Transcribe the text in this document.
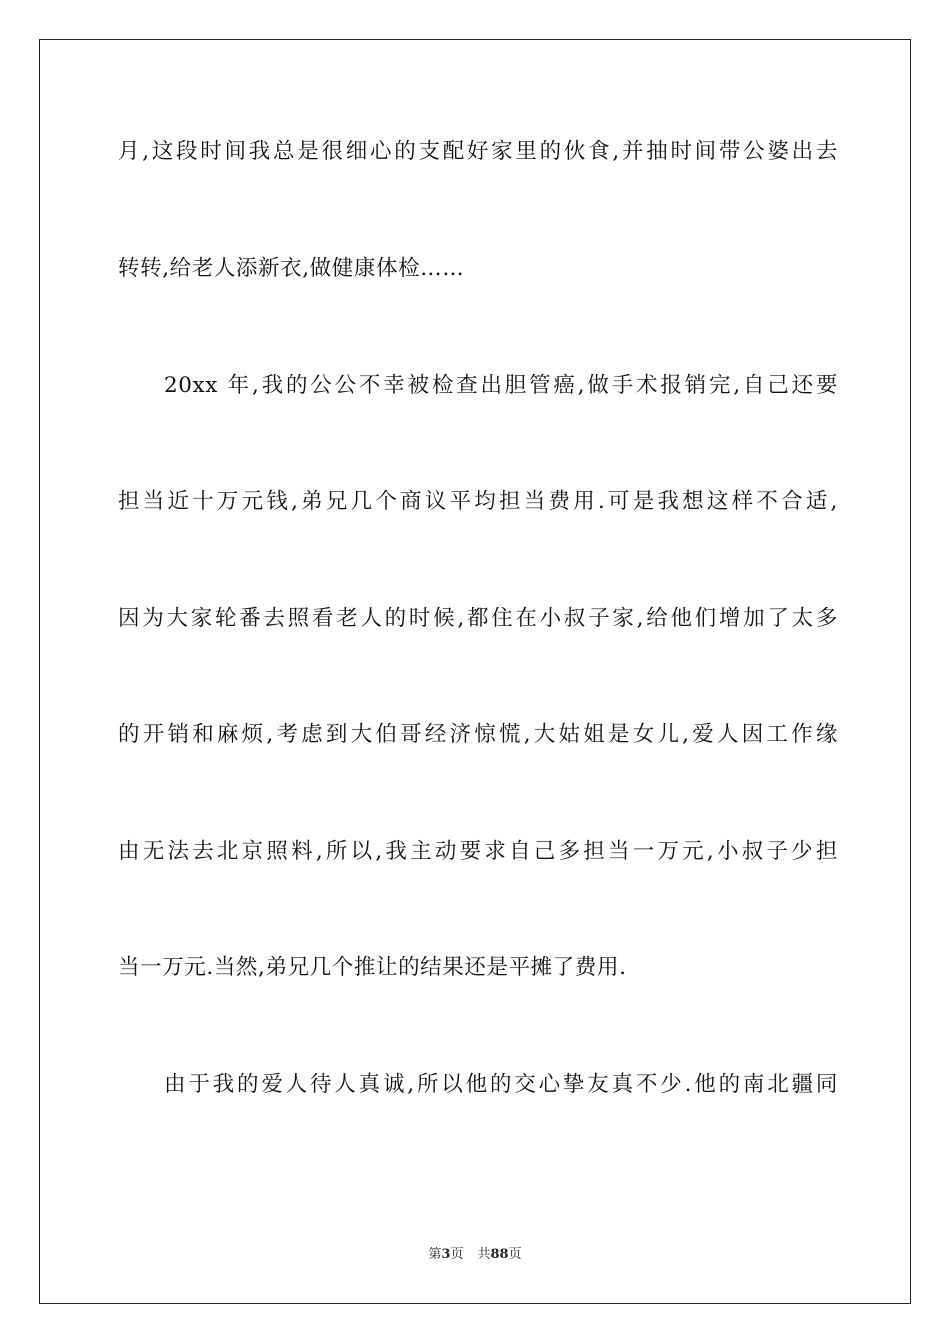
月,这段时间我总是很细心的支配好家里的伙食,并抽时间带公婆出去
转转,给老人添新衣,做健康体检……
20xx 年,我的公公不幸被检查出胆管癌,做手术报销完,自己还要
担当近十万元钱,弟兄几个商议平均担当费用.可是我想这样不合适,
因为大家轮番去照看老人的时候,都住在小叔子家,给他们增加了太多
的开销和麻烦,考虑到大伯哥经济惊慌,大姑姐是女儿,爱人因工作缘
由无法去北京照料,所以,我主动要求自己多担当一万元,小叔子少担
当一万元.当然,弟兄几个推让的结果还是平摊了费用.
由于我的爱人待人真诚,所以他的交心挚友真不少.他的南北疆同
第3页 共88页
